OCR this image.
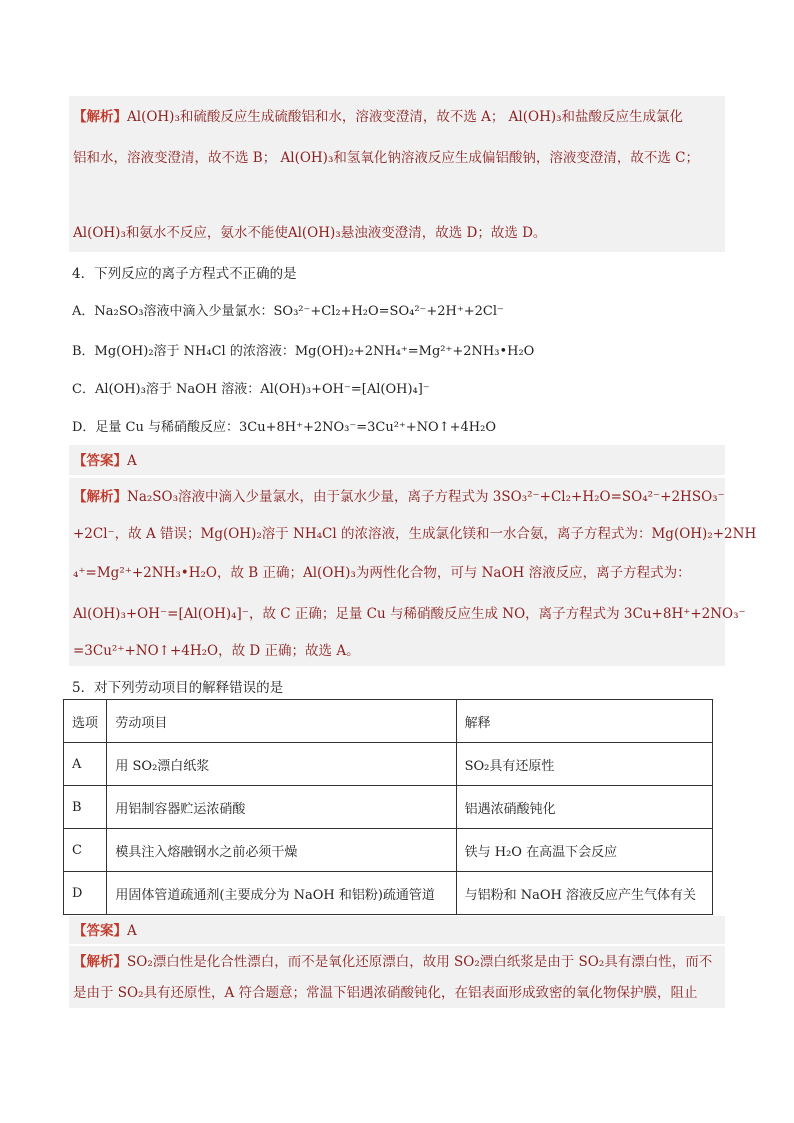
【解析】Al(OH)₃和硫酸反应生成硫酸铝和水，溶液变澄清，故不选 A； Al(OH)₃和盐酸反应生成氯化
铝和水，溶液变澄清，故不选 B； Al(OH)₃和氢氧化钠溶液反应生成偏铝酸钠，溶液变澄清，故不选 C；
Al(OH)₃和氨水不反应，氨水不能使Al(OH)₃悬浊液变澄清，故选 D；故选 D。
4．下列反应的离子方程式不正确的是
A．Na₂SO₃溶液中滴入少量氯水：SO₃²⁻+Cl₂+H₂O=SO₄²⁻+2H⁺+2Cl⁻
B．Mg(OH)₂溶于 NH₄Cl 的浓溶液：Mg(OH)₂+2NH₄⁺=Mg²⁺+2NH₃•H₂O
C．Al(OH)₃溶于 NaOH 溶液：Al(OH)₃+OH⁻=[Al(OH)₄]⁻
D．足量 Cu 与稀硝酸反应：3Cu+8H⁺+2NO₃⁻=3Cu²⁺+NO↑+4H₂O
【答案】A
【解析】Na₂SO₃溶液中滴入少量氯水，由于氯水少量，离子方程式为 3SO₃²⁻+Cl₂+H₂O=SO₄²⁻+2HSO₃⁻
+2Cl⁻，故 A 错误；Mg(OH)₂溶于 NH₄Cl 的浓溶液，生成氯化镁和一水合氨，离子方程式为：Mg(OH)₂+2NH
₄⁺=Mg²⁺+2NH₃•H₂O，故 B 正确；Al(OH)₃为两性化合物，可与 NaOH 溶液反应，离子方程式为：
Al(OH)₃+OH⁻=[Al(OH)₄]⁻，故 C 正确；足量 Cu 与稀硝酸反应生成 NO，离子方程式为 3Cu+8H⁺+2NO₃⁻
=3Cu²⁺+NO↑+4H₂O，故 D 正确；故选 A。
5．对下列劳动项目的解释错误的是
选项	劳动项目	解释
A	用 SO₂漂白纸浆	SO₂具有还原性
B	用铝制容器贮运浓硝酸	铝遇浓硝酸钝化
C	模具注入熔融钢水之前必须干燥	铁与 H₂O 在高温下会反应
D	用固体管道疏通剂(主要成分为 NaOH 和铝粉)疏通管道	与铝粉和 NaOH 溶液反应产生气体有关
【答案】A
【解析】SO₂漂白性是化合性漂白，而不是氧化还原漂白，故用 SO₂漂白纸浆是由于 SO₂具有漂白性，而不
是由于 SO₂具有还原性，A 符合题意；常温下铝遇浓硝酸钝化，在铝表面形成致密的氧化物保护膜，阻止
